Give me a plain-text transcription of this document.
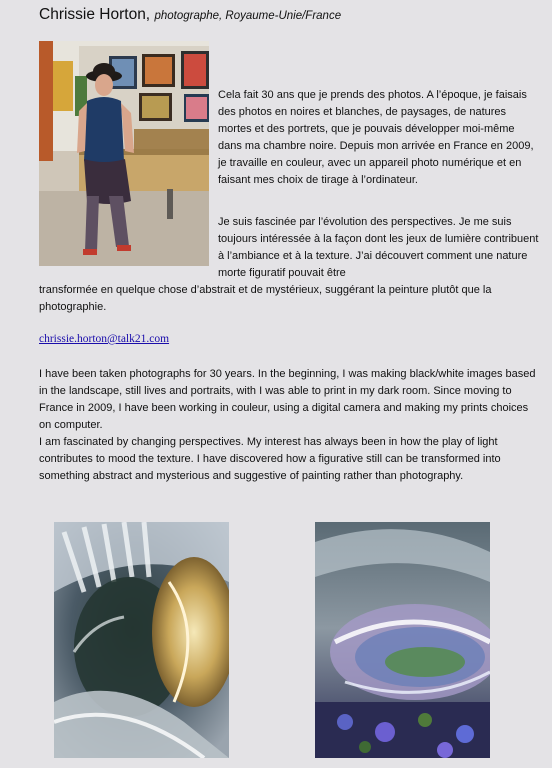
Chrissie Horton, photographe, Royaume-Unie/France
Cela fait 30 ans que je prends des photos. A l’époque, je faisais des photos en noires et blanches, de paysages, de natures mortes et des portrets, que je pouvais développer moi-même dans ma chambre noire. Depuis mon arrivée en France en 2009, je travaille en couleur, avec un appareil photo numérique et en faisant mes choix de tirage à l’ordinateur.
Je suis fascinée par l’évolution des perspectives. Je me suis toujours intéressée à la façon dont les jeux de lumière contribuent à l’ambiance et à la texture. J’ai découvert comment une nature morte figuratif pouvait être
transformée en quelque chose d’abstrait et de mystérieux, suggérant la peinture plutôt que la photographie.
chrissie.horton@talk21.com
I have been taken photographs for 30 years. In the beginning, I was making black/white images based in the landscape, still lives and portraits, with I was able to print in my dark room. Since moving to France in 2009, I have been working in couleur, using a digital camera and making my prints choices on computer.
I am fascinated by changing perspectives. My interest has always been in how the play of light contributes to mood the texture. I have discovered how a figurative still can be transformed into something abstract and mysterious and suggestive of painting rather than photography.
